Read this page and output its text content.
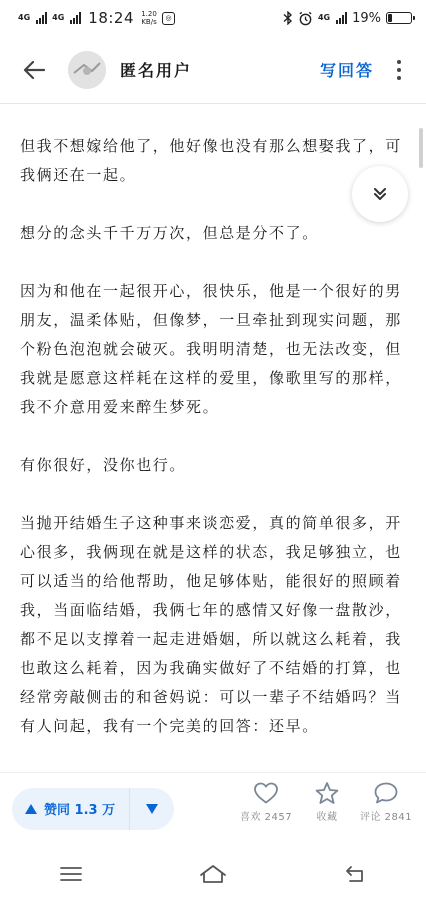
4G	4G 18:24 1.20
KB/s
◎	4G 19%
匿名用户	写回答

但我不想嫁给他了，他好像也没有那么想娶我了，可我俩还在一起。

想分的念头千千万万次，但总是分不了。

因为和他在一起很开心，很快乐，他是一个很好的男朋友，温柔体贴，但像梦，一旦牵扯到现实问题，那个粉色泡泡就会破灭。我明明清楚，也无法改变，但我就是愿意这样耗在这样的爱里，像歌里写的那样，我不介意用爱来醉生梦死。

有你很好，没你也行。

当抛开结婚生子这种事来谈恋爱，真的简单很多，开心很多，我俩现在就是这样的状态，我足够独立，也可以适当的给他帮助，他足够体贴，能很好的照顾着我，当面临结婚，我俩七年的感情又好像一盘散沙，都不足以支撑着一起走进婚姻，所以就这么耗着，我也敢这么耗着，因为我确实做好了不结婚的打算，也经常旁敲侧击的和爸妈说：可以一辈子不结婚吗？当有人问起，我有一个完美的回答：还早。

赞同 1.3 万	喜欢 2457 收藏 评论 2841
